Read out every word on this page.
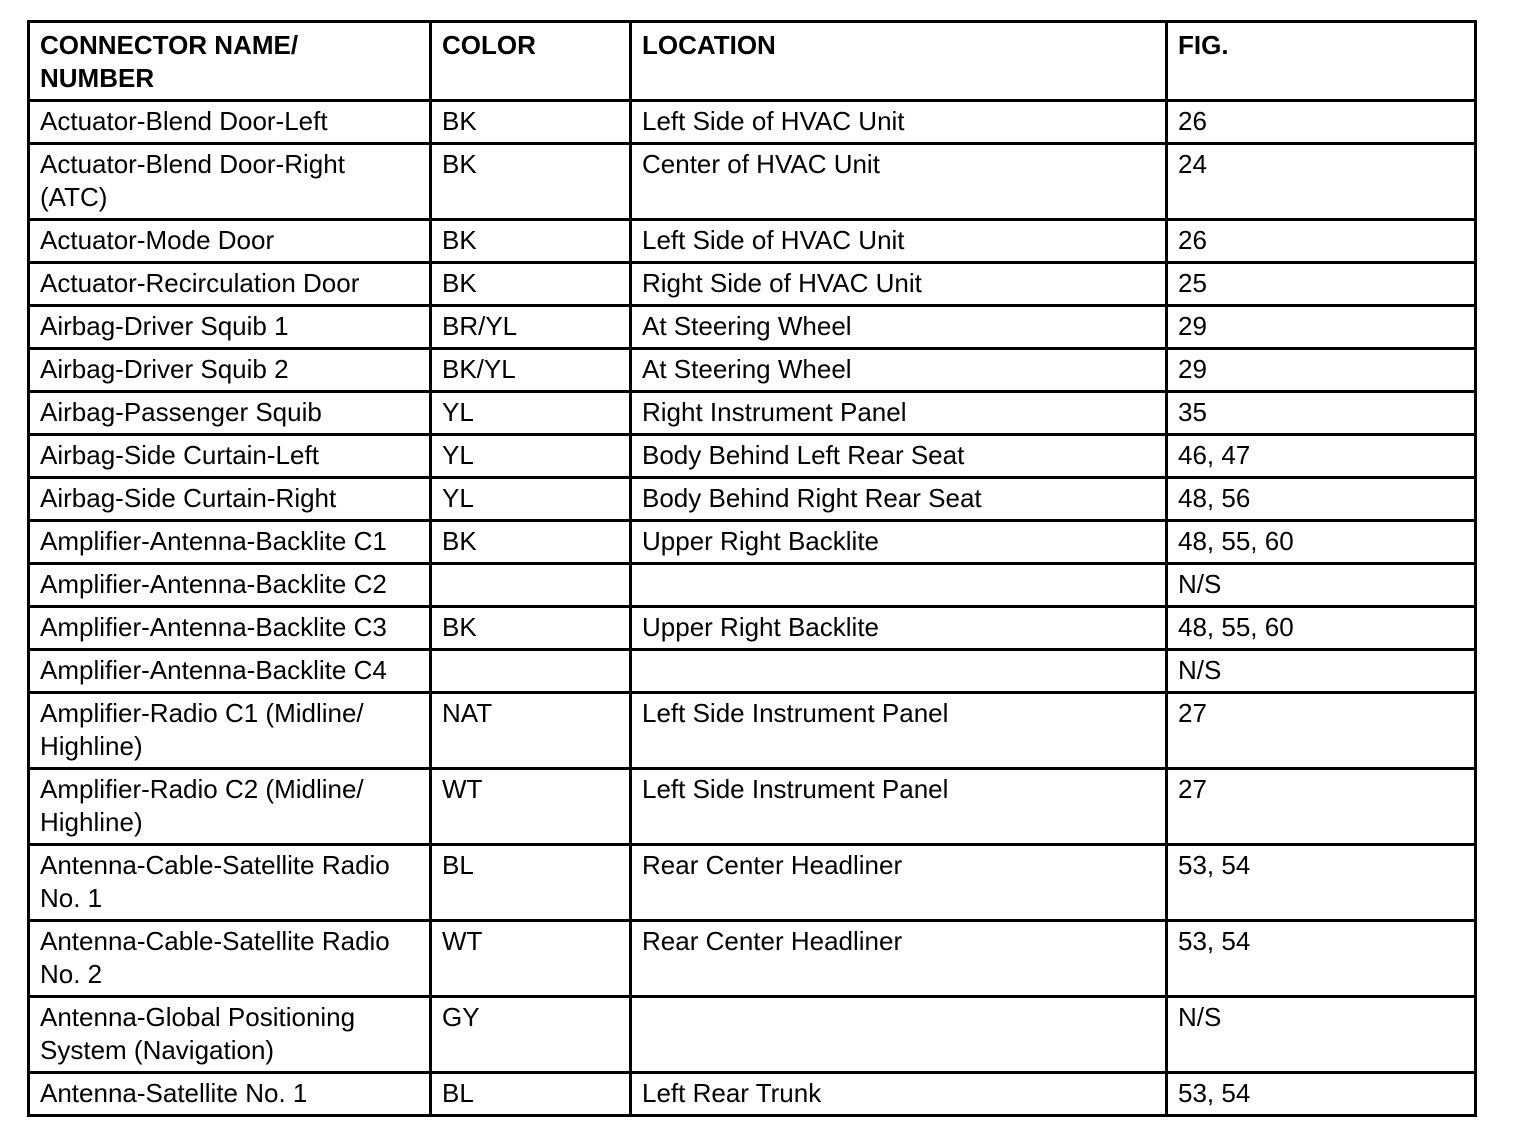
CONNECTOR NAME/ NUMBER	COLOR	LOCATION	FIG.
Actuator-Blend Door-Left	BK	Left Side of HVAC Unit	26
Actuator-Blend Door-Right (ATC)	BK	Center of HVAC Unit	24
Actuator-Mode Door	BK	Left Side of HVAC Unit	26
Actuator-Recirculation Door	BK	Right Side of HVAC Unit	25
Airbag-Driver Squib 1	BR/YL	At Steering Wheel	29
Airbag-Driver Squib 2	BK/YL	At Steering Wheel	29
Airbag-Passenger Squib	YL	Right Instrument Panel	35
Airbag-Side Curtain-Left	YL	Body Behind Left Rear Seat	46, 47
Airbag-Side Curtain-Right	YL	Body Behind Right Rear Seat	48, 56
Amplifier-Antenna-Backlite C1	BK	Upper Right Backlite	48, 55, 60
Amplifier-Antenna-Backlite C2			N/S
Amplifier-Antenna-Backlite C3	BK	Upper Right Backlite	48, 55, 60
Amplifier-Antenna-Backlite C4			N/S
Amplifier-Radio C1 (Midline/ Highline)	NAT	Left Side Instrument Panel	27
Amplifier-Radio C2 (Midline/ Highline)	WT	Left Side Instrument Panel	27
Antenna-Cable-Satellite Radio No. 1	BL	Rear Center Headliner	53, 54
Antenna-Cable-Satellite Radio No. 2	WT	Rear Center Headliner	53, 54
Antenna-Global Positioning System (Navigation)	GY		N/S
Antenna-Satellite No. 1	BL	Left Rear Trunk	53, 54
